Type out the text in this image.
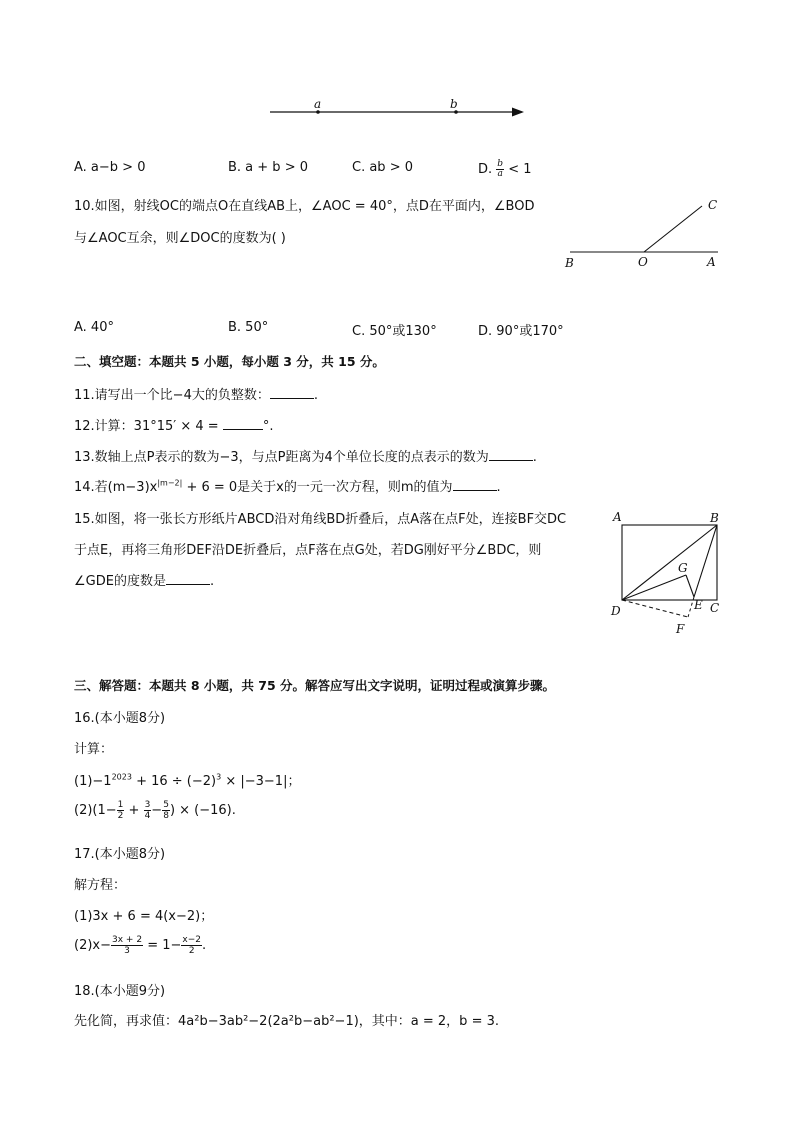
a	b
A. a−b > 0	B. a + b > 0	C. ab > 0	D. $\frac{b}{a} < 1$
10.如图，射线OC的端点O在直线AB上，∠AOC = 40°，点D在平面内，∠BOD
与∠AOC互余，则∠DOC的度数为( )
C
B	O	A
A. 40°	B. 50°	C. 50°或130°	D. 90°或170°
二、填空题：本题共 5 小题，每小题 3 分，共 15 分。
11.请写出一个比−4大的负整数：	.
12.计算：31°15′ × 4 =	°.
13.数轴上点P表示的数为−3，与点P距离为4个单位长度的点表示的数为	.
14.若$(m-3)x^{|m-2|} + 6 = 0$是关于x的一元一次方程，则m的值为	.
15.如图，将一张长方形纸片ABCD沿对角线BD折叠后，点A落在点F处，连接BF交DC
于点E，再将三角形DEF沿DE折叠后，点F落在点G处，若DG刚好平分∠BDC，则
∠GDE的度数是	.
A	B
G
D	E C
F
三、解答题：本题共 8 小题，共 75 分。解答应写出文字说明，证明过程或演算步骤。
16.(本小题8分)
计算：
$(1)-1^{2023} + 16 \div (-2)^3 \times |-3-1|$；
$(2)(1- \frac{1}{2} + \frac{3}{4} - \frac{5}{8}$ ) × (−16).
17.(本小题8分)
解方程：
(1)3x + 6 = 4(x−2)；
$(2)x- \frac{3x + 2}{3} = 1- \frac{x-2}{2}$ .
18.(本小题9分)
先化简，再求值：4a²b−3ab²−2(2a²b−ab²−1)，其中：a = 2，b = 3.
